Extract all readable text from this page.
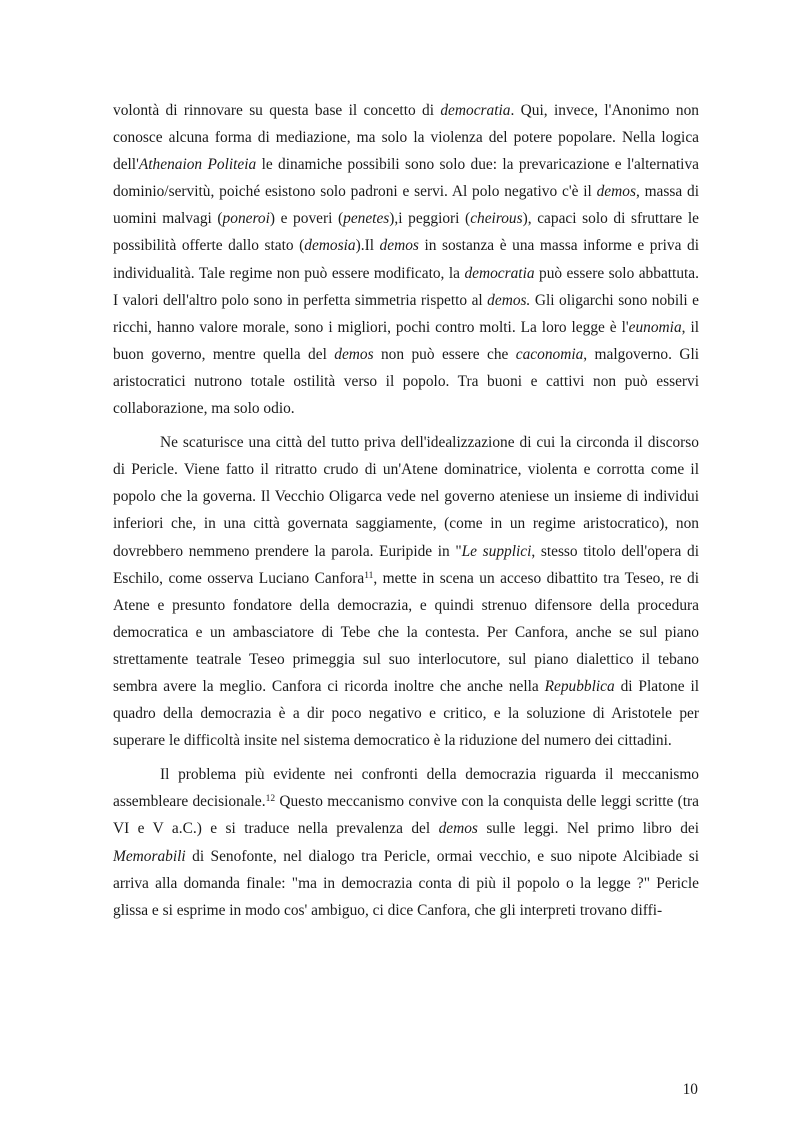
volontà di rinnovare su questa base il concetto di democratia. Qui, invece, l'Anonimo non conosce alcuna forma di mediazione, ma solo la violenza del potere popolare. Nella logica dell'Athenaion Politeia le dinamiche possibili sono solo due: la prevaricazione e l'alternativa dominio/servitù, poiché esistono solo padroni e servi. Al polo negativo c'è il demos, massa di uomini malvagi (poneroi) e poveri (penetes),i peggiori (cheirous), capaci solo di sfruttare le possibilità offerte dallo stato (demosia).Il demos in sostanza è una massa informe e priva di individualità. Tale regime non può essere modificato, la democratia può essere solo abbattuta. I valori dell'altro polo sono in perfetta simmetria rispetto al demos. Gli oligarchi sono nobili e ricchi, hanno valore morale, sono i migliori, pochi contro molti. La loro legge è l'eunomia, il buon governo, mentre quella del demos non può essere che caconomia, malgoverno. Gli aristocratici nutrono totale ostilità verso il popolo. Tra buoni e cattivi non può esservi collaborazione, ma solo odio.

Ne scaturisce una città del tutto priva dell'idealizzazione di cui la circonda il discorso di Pericle. Viene fatto il ritratto crudo di un'Atene dominatrice, violenta e corrotta come il popolo che la governa. Il Vecchio Oligarca vede nel governo ateniese un insieme di individui inferiori che, in una città governata saggiamente, (come in un regime aristocratico), non dovrebbero nemmeno prendere la parola. Euripide in "Le supplici, stesso titolo dell'opera di Eschilo, come osserva Luciano Canfora$^{11}$, mette in scena un acceso dibattito tra Teseo, re di Atene e presunto fondatore della democrazia, e quindi strenuo difensore della procedura democratica e un ambasciatore di Tebe che la contesta. Per Canfora, anche se sul piano strettamente teatrale Teseo primeggia sul suo interlocutore, sul piano dialettico il tebano sembra avere la meglio. Canfora ci ricorda inoltre che anche nella Repubblica di Platone il quadro della democrazia è a dir poco negativo e critico, e la soluzione di Aristotele per superare le difficoltà insite nel sistema democratico è la riduzione del numero dei cittadini.

Il problema più evidente nei confronti della democrazia riguarda il meccanismo assembleare decisionale.$^{12}$ Questo meccanismo convive con la conquista delle leggi scritte (tra VI e V a.C.) e si traduce nella prevalenza del demos sulle leggi. Nel primo libro dei Memorabili di Senofonte, nel dialogo tra Pericle, ormai vecchio, e suo nipote Alcibiade si arriva alla domanda finale: "ma in democrazia conta di più il popolo o la legge ?" Pericle glissa e si esprime in modo cos' ambiguo, ci dice Canfora, che gli interpreti trovano diffi-

10
